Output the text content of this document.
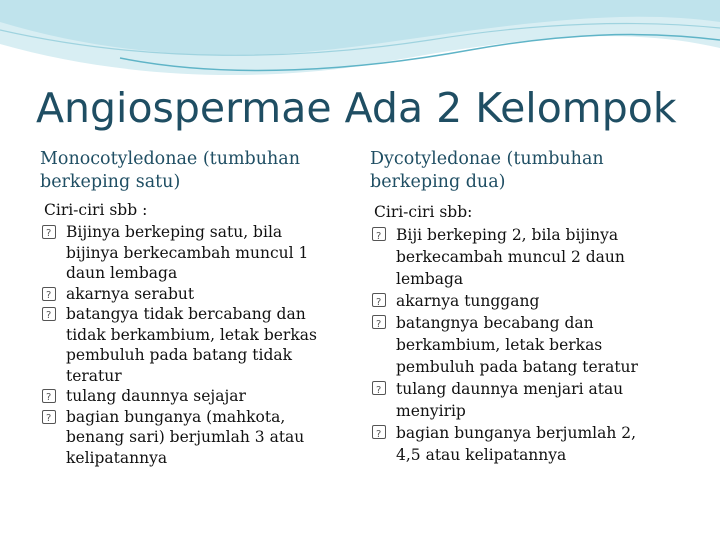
Angiospermae Ada 2 Kelompok

Monocotyledonae (tumbuhan
berkeping satu)

Ciri-ciri sbb :
?
Bijinya berkeping satu, bila
bijinya berkecambah muncul 1
daun lembaga
?
akarnya serabut
?
batangya tidak bercabang dan
tidak berkambium, letak berkas
pembuluh pada batang tidak
teratur
?
tulang daunnya sejajar
?
bagian bunganya (mahkota,
benang sari) berjumlah 3 atau
kelipatannya

Dycotyledonae (tumbuhan
berkeping dua)

Ciri-ciri sbb:
?
Biji berkeping 2, bila bijinya
berkecambah muncul 2 daun
lembaga
?
akarnya tunggang
?
batangnya becabang dan
berkambium, letak berkas
pembuluh pada batang teratur
?
tulang daunnya menjari atau
menyirip
?
bagian bunganya berjumlah 2,
4,5 atau kelipatannya
